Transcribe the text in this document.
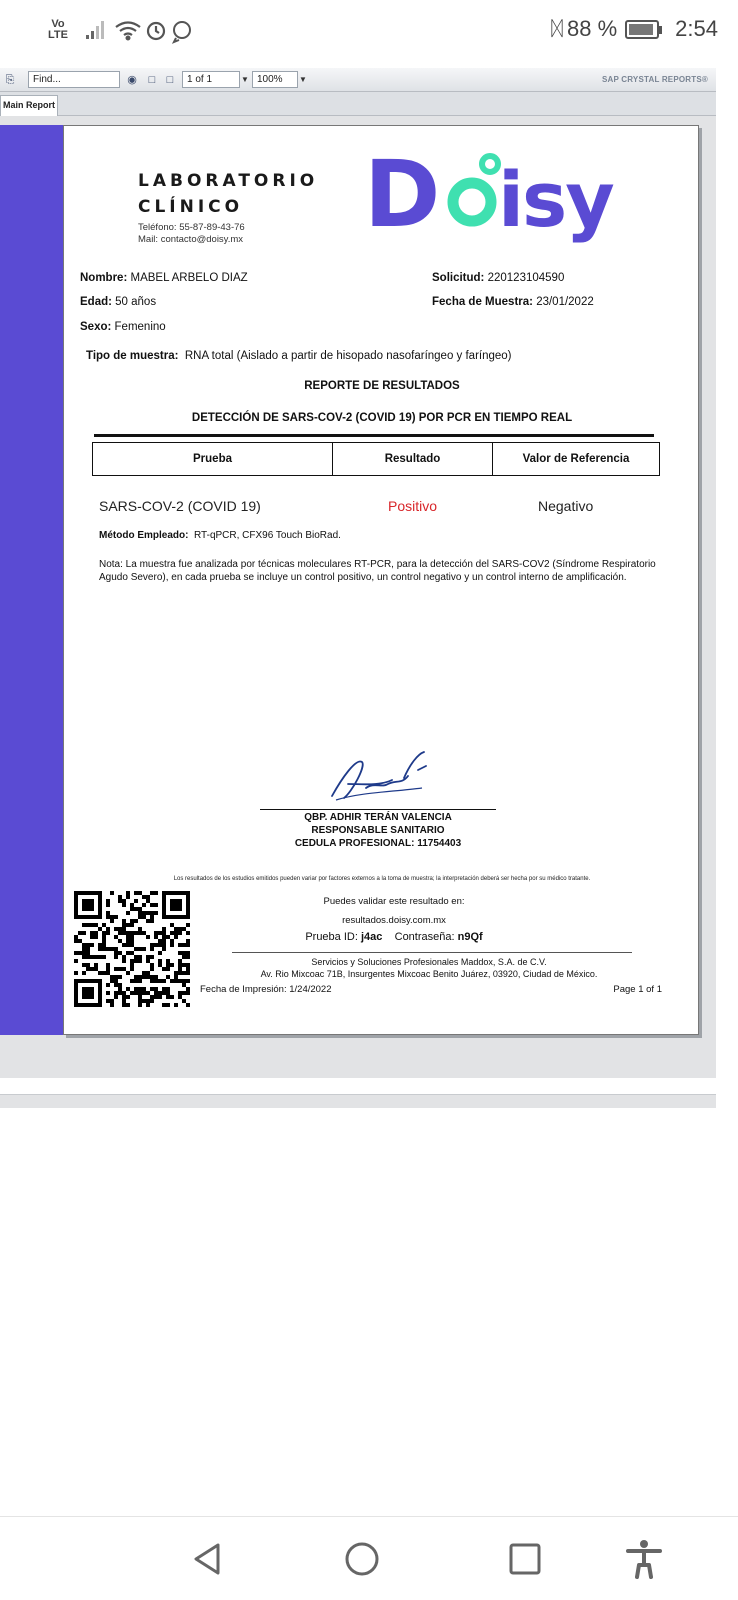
Vo
LTE	ᛞ 88 %	2:54
⎘	Find...	◉	□	□	1 of 1	▼ 100%	▼	SAP CRYSTAL REPORTS®
Main Report
LABORATORIO
CLÍNICO
Teléfono: 55-87-89-43-76
Mail: contacto@doisy.mx D isy
Nombre: MABEL ARBELO DIAZ
Edad: 50 años
Sexo: Femenino
Solicitud: 220123104590
Fecha de Muestra: 23/01/2022
Tipo de muestra: RNA total (Aislado a partir de hisopado nasofaríngeo y faríngeo)
REPORTE DE RESULTADOS
DETECCIÓN DE SARS-COV-2 (COVID 19) POR PCR EN TIEMPO REAL
Prueba	Resultado	Valor de Referencia
SARS-COV-2 (COVID 19)	Positivo	Negativo
Método Empleado: RT-qPCR, CFX96 Touch BioRad.
Nota: La muestra fue analizada por técnicas moleculares RT-PCR, para la detección del SARS-COV2 (Síndrome Respiratorio Agudo Severo), en cada prueba se incluye un control positivo, un control negativo y un control interno de amplificación.
QBP. ADHIR TERÁN VALENCIA
RESPONSABLE SANITARIO
CEDULA PROFESIONAL: 11754403
Los resultados de los estudios emitidos pueden variar por factores externos a la toma de muestra; la interpretación deberá ser hecha por su médico tratante.
Puedes validar este resultado en:
resultados.doisy.com.mx
Prueba ID: j4ac Contraseña: n9Qf
Servicios y Soluciones Profesionales Maddox, S.A. de C.V.
Av. Rio Mixcoac 71B, Insurgentes Mixcoac Benito Juárez, 03920, Ciudad de México.
Fecha de Impresión: 1/24/2022	Page 1 of 1
